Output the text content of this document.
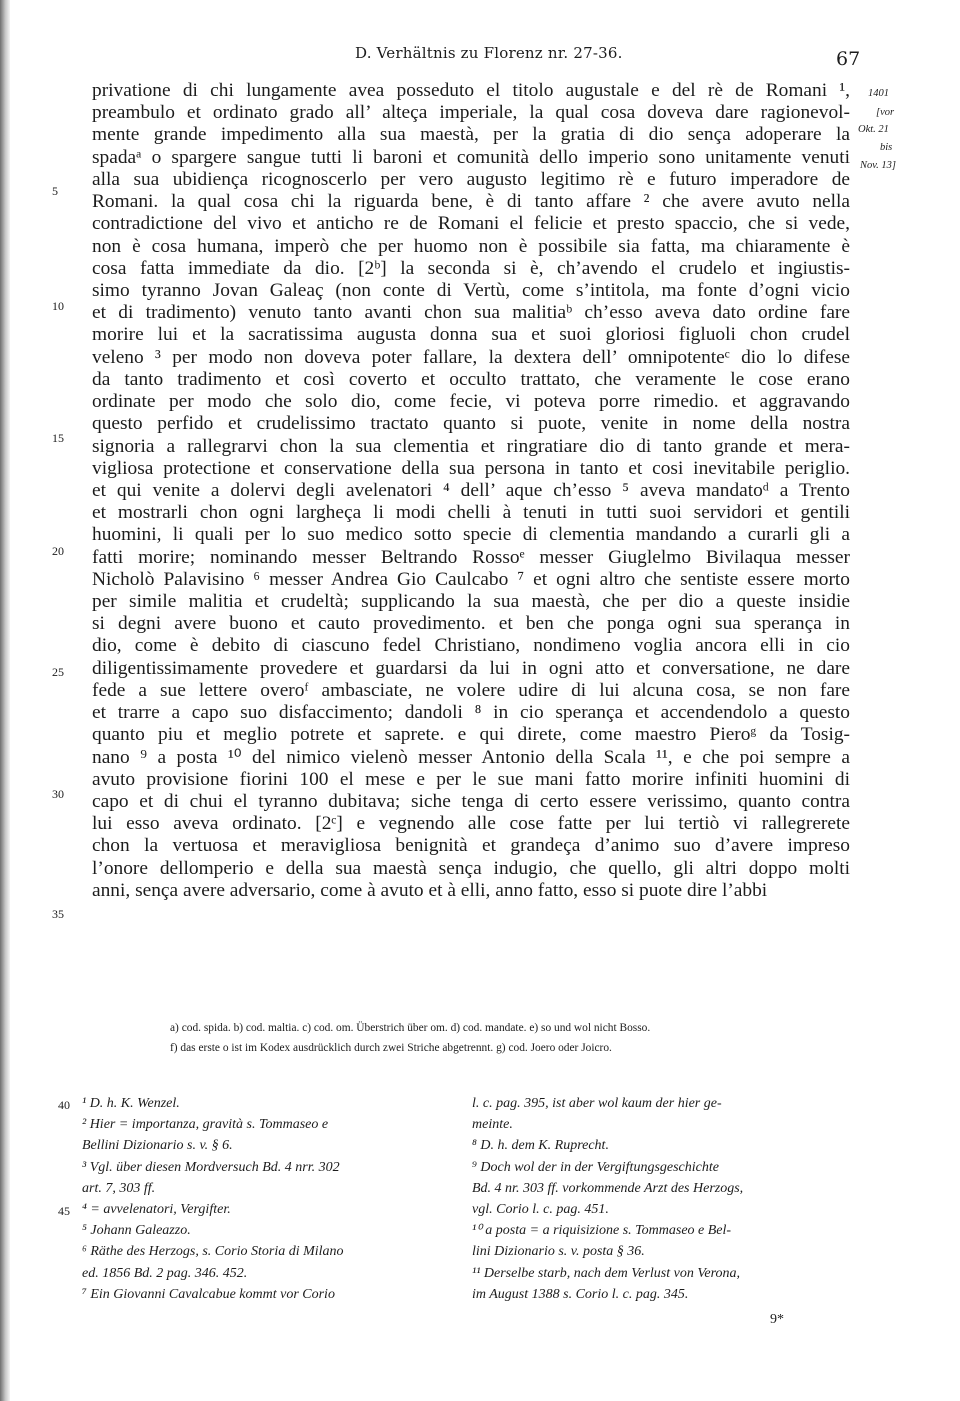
D. Verhältnis zu Florenz nr. 27-36.	67
1401
[vor
Okt. 21
bis
Nov. 13]
5
10
15
20
25
30
35
privatione di chi lungamente avea posseduto el titolo augustale e del rè de Romani ¹,
preambulo et ordinato grado all’ alteça imperiale, la qual cosa doveva dare ragionevol-
mente grande impedimento alla sua maestà, per la gratia di dio sença adoperare la
spadaᵃ o spargere sangue tutti li baroni et comunità dello imperio sono unitamente venuti
alla sua ubidiença ricognoscerlo per vero augusto legitimo rè e futuro imperadore de
Romani. la qual cosa chi la riguarda bene, è di tanto affare ² che avere avuto nella
contradictione del vivo et anticho re de Romani el felicie et presto spaccio, che si vede,
non è cosa humana, imperò che per huomo non è possibile sia fatta, ma chiaramente è
cosa fatta immediate da dio. [2ᵇ] la seconda si è, ch’avendo el crudelo et ingiustis-
simo tyranno Jovan Galeaç (non conte di Vertù, come s’intitola, ma fonte d’ogni vicio
et di tradimento) venuto tanto avanti chon sua malitiaᵇ ch’esso aveva dato ordine fare
morire lui et la sacratissima augusta donna sua et suoi gloriosi figluoli chon crudel
veleno ³ per modo non doveva poter fallare, la dextera dell’ omnipotenteᶜ dio lo difese
da tanto tradimento et così coverto et occulto trattato, che veramente le cose erano
ordinate per modo che solo dio, come fecie, vi poteva porre rimedio. et aggravando
questo perfido et crudelissimo tractato quanto si puote, venite in nome della nostra
signoria a rallegrarvi chon la sua clementia et ringratiare dio di tanto grande et mera-
vigliosa protectione et conservatione della sua persona in tanto et cosi inevitabile periglio.
et qui venite a dolervi degli avelenatori ⁴ dell’ aque ch’esso ⁵ aveva mandatoᵈ a Trento
et mostrarli chon ogni largheça li modi chelli à tenuti in tutti suoi servidori et gentili
huomini, li quali per lo suo medico sotto specie di clementia mandando a curarli gli a
fatti morire; nominando messer Beltrando Rossoᵉ messer Giuglelmo Bivilaqua messer
Nicholò Palavisino ⁶ messer Andrea Gio Caulcabo ⁷ et ogni altro che sentiste essere morto
per simile malitia et crudeltà; supplicando la sua maestà, che per dio a queste insidie
si degni avere buono et cauto provedimento. et ben che ponga ogni sua sperança in
dio, come è debito di ciascuno fedel Christiano, nondimeno voglia ancora elli in cio
diligentissimamente provedere et guardarsi da lui in ogni atto et conversatione, ne dare
fede a sue lettere overoᶠ ambasciate, ne volere udire di lui alcuna cosa, se non fare
et trarre a capo suo disfaccimento; dandoli ⁸ in cio sperança et accendendolo a questo
quanto piu et meglio potrete et saprete. e qui direte, come maestro Pieroᵍ da Tosig-
nano ⁹ a posta ¹⁰ del nimico vielenò messer Antonio della Scala ¹¹, e che poi sempre a
avuto provisione fiorini 100 el mese e per le sue mani fatto morire infiniti huomini di
capo et di chui el tyranno dubitava; siche tenga di certo essere verissimo, quanto contra
lui esso aveva ordinato. [2ᶜ] e vegnendo alle cose fatte per lui tertiò vi rallegrerete
chon la vertuosa et meravigliosa benignità et grandeça d’animo suo d’avere impreso
l’onore dellomperio e della sua maestà sença indugio, che quello, gli altri doppo molti
anni, sença avere adversario, come à avuto et à elli, anno fatto, esso si puote dire l’abbi
a) cod. spida. b) cod. maltia. c) cod. om. Überstrich über om. d) cod. mandate. e) so und wol nicht Bosso.
f) das erste o ist im Kodex ausdrücklich durch zwei Striche abgetrennt. g) cod. Joero oder Joicro.
40
45
¹ D. h. K. Wenzel.
² Hier = importanza, gravità s. Tommaseo e
Bellini Dizionario s. v. § 6.
³ Vgl. über diesen Mordversuch Bd. 4 nrr. 302
art. 7, 303 ff.
⁴ = avvelenatori, Vergifter.
⁵ Johann Galeazzo.
⁶ Räthe des Herzogs, s. Corio Storia di Milano
ed. 1856 Bd. 2 pag. 346. 452.
⁷ Ein Giovanni Cavalcabue kommt vor Corio
l. c. pag. 395, ist aber wol kaum der hier ge-
meinte.
⁸ D. h. dem K. Ruprecht.
⁹ Doch wol der in der Vergiftungsgeschichte
Bd. 4 nr. 303 ff. vorkommende Arzt des Herzogs,
vgl. Corio l. c. pag. 451.
¹⁰ a posta = a riquisizione s. Tommaseo e Bel-
lini Dizionario s. v. posta § 36.
¹¹ Derselbe starb, nach dem Verlust von Verona,
im August 1388 s. Corio l. c. pag. 345.
9*
